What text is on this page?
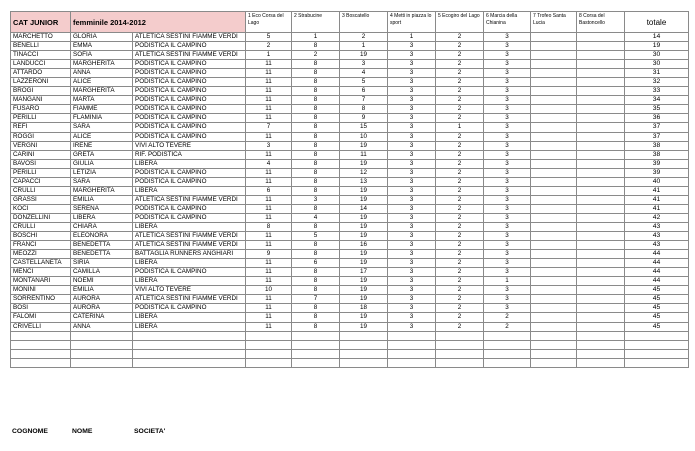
CAT JUNIOR	femminile 2014-2012		1 Eco Corsa del Lago	2 Strabucine	3 Boscatello	4 Metti in piazza lo sport	5 Ecogiro del Lago	6 Marcia della Chianina	7 Trofeo Santa Lucia	8 Corsa del Bastoncello	totale
MARCHETTO	GLORIA	ATLETICA SESTINI FIAMME VERDI	5	1	2	1	2	3			14
BENELLI	EMMA	PODISTICA IL CAMPINO	2	8	1	3	2	3			19
TINACCI	SOFIA	ATLETICA SESTINI FIAMME VERDI	1	2	19	3	2	3			30
LANDUCCI	MARGHERITA	PODISTICA IL CAMPINO	11	8	3	3	2	3			30
ATTARDO	ANNA	PODISTICA IL CAMPINO	11	8	4	3	2	3			31
LAZZERONI	ALICE	PODISTICA IL CAMPINO	11	8	5	3	2	3			32
BROGI	MARGHERITA	PODISTICA IL CAMPINO	11	8	6	3	2	3			33
MANGANI	MARTA	PODISTICA IL CAMPINO	11	8	7	3	2	3			34
FUSARO	FIAMME	PODISTICA IL CAMPINO	11	8	8	3	2	3			35
PERILLI	FLAMINIA	PODISTICA IL CAMPINO	11	8	9	3	2	3			36
REFI	SARA	PODISTICA IL CAMPINO	7	8	15	3	1	3			37
ROGGI	ALICE	PODISTICA IL CAMPINO	11	8	10	3	2	3			37
VERGNI	IRENE	VIVI ALTO TEVERE	3	8	19	3	2	3			38
CARINI	GRETA	RIF. PODISTICA	11	8	11	3	2	3			38
BAVOSI	GIULIA	LIBERA	4	8	19	3	2	3			39
PERILLI	LETIZIA	PODISTICA IL CAMPINO	11	8	12	3	2	3			39
CAPACCI	SARA	PODISTICA IL CAMPINO	11	8	13	3	2	3			40
CRULLI	MARGHERITA	LIBERA	6	8	19	3	2	3			41
GRASSI	EMILIA	ATLETICA SESTINI FIAMME VERDI	11	3	19	3	2	3			41
KOCI	SERENA	PODISTICA IL CAMPINO	11	8	14	3	2	3			41
DONZELLINI	LIBERA	PODISTICA IL CAMPINO	11	4	19	3	2	3			42
CRULLI	CHIARA	LIBERA	8	8	19	3	2	3			43
BOSCHI	ELEONORA	ATLETICA SESTINI FIAMME VERDI	11	5	19	3	2	3			43
FRANCI	BENEDETTA	ATLETICA SESTINI FIAMME VERDI	11	8	16	3	2	3			43
MEOZZI	BENEDETTA	BATTAGLIA RUNNERS ANGHIARI	9	8	19	3	2	3			44
CASTELLANETA	SIRIA	LIBERA	11	6	19	3	2	3			44
MENCI	CAMILLA	PODISTICA IL CAMPINO	11	8	17	3	2	3			44
MONTANARI	NOEMI	LIBERA	11	8	19	3	2	1			44
MONINI	EMILIA	VIVI ALTO TEVERE	10	8	19	3	2	3			45
SORRENTINO	AURORA	ATLETICA SESTINI FIAMME VERDI	11	7	19	3	2	3			45
BOSI	AURORA	PODISTICA IL CAMPINO	11	8	18	3	2	3			45
FALOMI	CATERINA	LIBERA	11	8	19	3	2	2			45
CRIVELLI	ANNA	LIBERA	11	8	19	3	2	2			45

COGNOME	NOME	SOCIETA'
